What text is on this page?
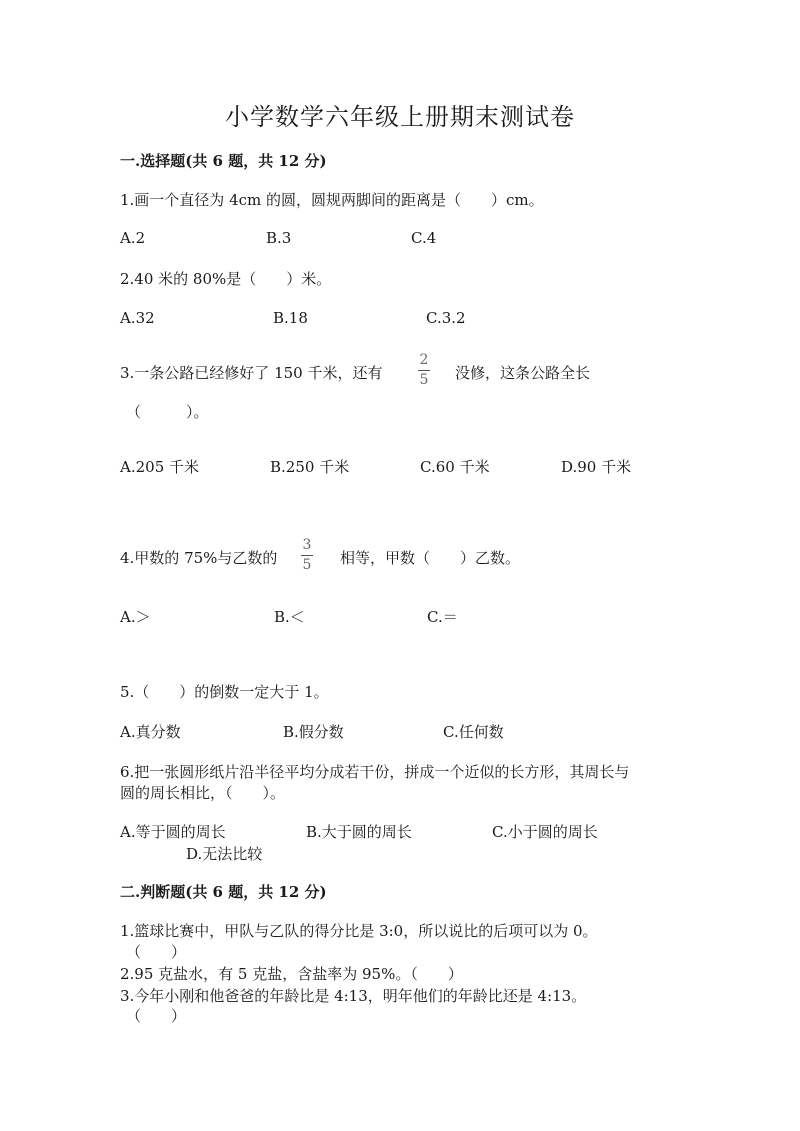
小学数学六年级上册期末测试卷
一.选择题(共 6 题，共 12 分)
1.画一个直径为 4cm 的圆，圆规两脚间的距离是（　　）cm。
A.2	B.3	C.4
2.40 米的 80%是（　　）米。
A.32	B.18	C.3.2
3.一条公路已经修好了 150 千米，还有
2
5 没修，这条公路全长
（　　　）。
A.205 千米	B.250 千米	C.60 千米	D.90 千米
4.甲数的 75%与乙数的
3
5 相等，甲数（　　）乙数。
A.＞	B.＜	C.＝
5.（　　）的倒数一定大于 1。
A.真分数	B.假分数	C.任何数
6.把一张圆形纸片沿半径平均分成若干份，拼成一个近似的长方形，其周长与
圆的周长相比，（　　）。
A.等于圆的周长	B.大于圆的周长	C.小于圆的周长
D.无法比较
二.判断题(共 6 题，共 12 分)
1.篮球比赛中，甲队与乙队的得分比是 3:0，所以说比的后项可以为 0。
（　　）
2.95 克盐水，有 5 克盐，含盐率为 95%。（　　）
3.今年小刚和他爸爸的年龄比是 4:13，明年他们的年龄比还是 4:13。
（　　）
